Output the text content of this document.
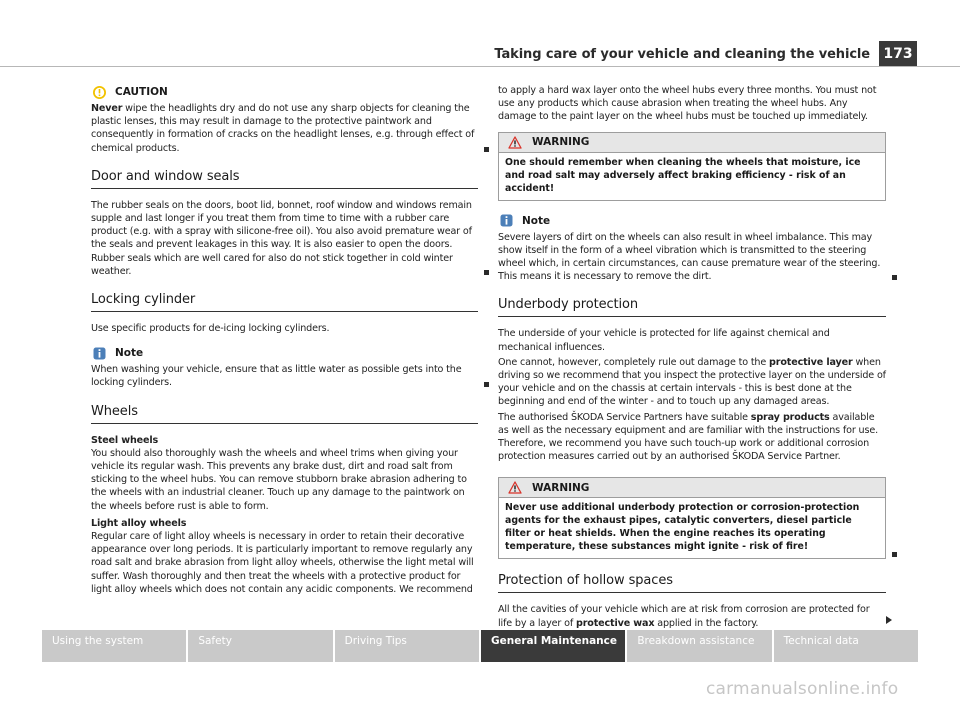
Taking care of your vehicle and cleaning the vehicle 173
CAUTION

Never wipe the headlights dry and do not use any sharp objects for cleaning the plastic lenses, this may result in damage to the protective paintwork and consequently in formation of cracks on the headlight lenses, e.g. through effect of chemical products.

Door and window seals

The rubber seals on the doors, boot lid, bonnet, roof window and windows remain supple and last longer if you treat them from time to time with a rubber care product (e.g. with a spray with silicone-free oil). You also avoid premature wear of the seals and prevent leakages in this way. It is also easier to open the doors. Rubber seals which are well cared for also do not stick together in cold winter weather.

Locking cylinder

Use specific products for de-icing locking cylinders.

Note

When washing your vehicle, ensure that as little water as possible gets into the locking cylinders.

Wheels
Steel wheels

You should also thoroughly wash the wheels and wheel trims when giving your vehicle its regular wash. This prevents any brake dust, dirt and road salt from sticking to the wheel hubs. You can remove stubborn brake abrasion adhering to the wheels with an industrial cleaner. Touch up any damage to the paintwork on the wheels before rust is able to form.

Light alloy wheels

Regular care of light alloy wheels is necessary in order to retain their decorative appearance over long periods. It is particularly important to remove regularly any road salt and brake abrasion from light alloy wheels, otherwise the light metal will suffer. Wash thoroughly and then treat the wheels with a protective product for light alloy wheels which does not contain any acidic components. We recommend

to apply a hard wax layer onto the wheel hubs every three months. You must not use any products which cause abrasion when treating the wheel hubs. Any damage to the paint layer on the wheel hubs must be touched up immediately.

WARNING
One should remember when cleaning the wheels that moisture, ice and road salt may adversely affect braking efficiency - risk of an accident!
Note

Severe layers of dirt on the wheels can also result in wheel imbalance. This may show itself in the form of a wheel vibration which is transmitted to the steering wheel which, in certain circumstances, can cause premature wear of the steering. This means it is necessary to remove the dirt.

Underbody protection

The underside of your vehicle is protected for life against chemical and mechanical influences.

One cannot, however, completely rule out damage to the protective layer when driving so we recommend that you inspect the protective layer on the underside of your vehicle and on the chassis at certain intervals - this is best done at the beginning and end of the winter - and to touch up any damaged areas.

The authorised ŠKODA Service Partners have suitable spray products available as well as the necessary equipment and are familiar with the instructions for use. Therefore, we recommend you have such touch-up work or additional corrosion protection measures carried out by an authorised ŠKODA Service Partner.

WARNING
Never use additional underbody protection or corrosion-protection agents for the exhaust pipes, catalytic converters, diesel particle filter or heat shields. When the engine reaches its operating temperature, these substances might ignite - risk of fire!
Protection of hollow spaces

All the cavities of your vehicle which are at risk from corrosion are protected for life by a layer of protective wax applied in the factory.

Using the system	Safety	Driving Tips	General Maintenance	Breakdown assistance	Technical data
carmanualsonline.info
